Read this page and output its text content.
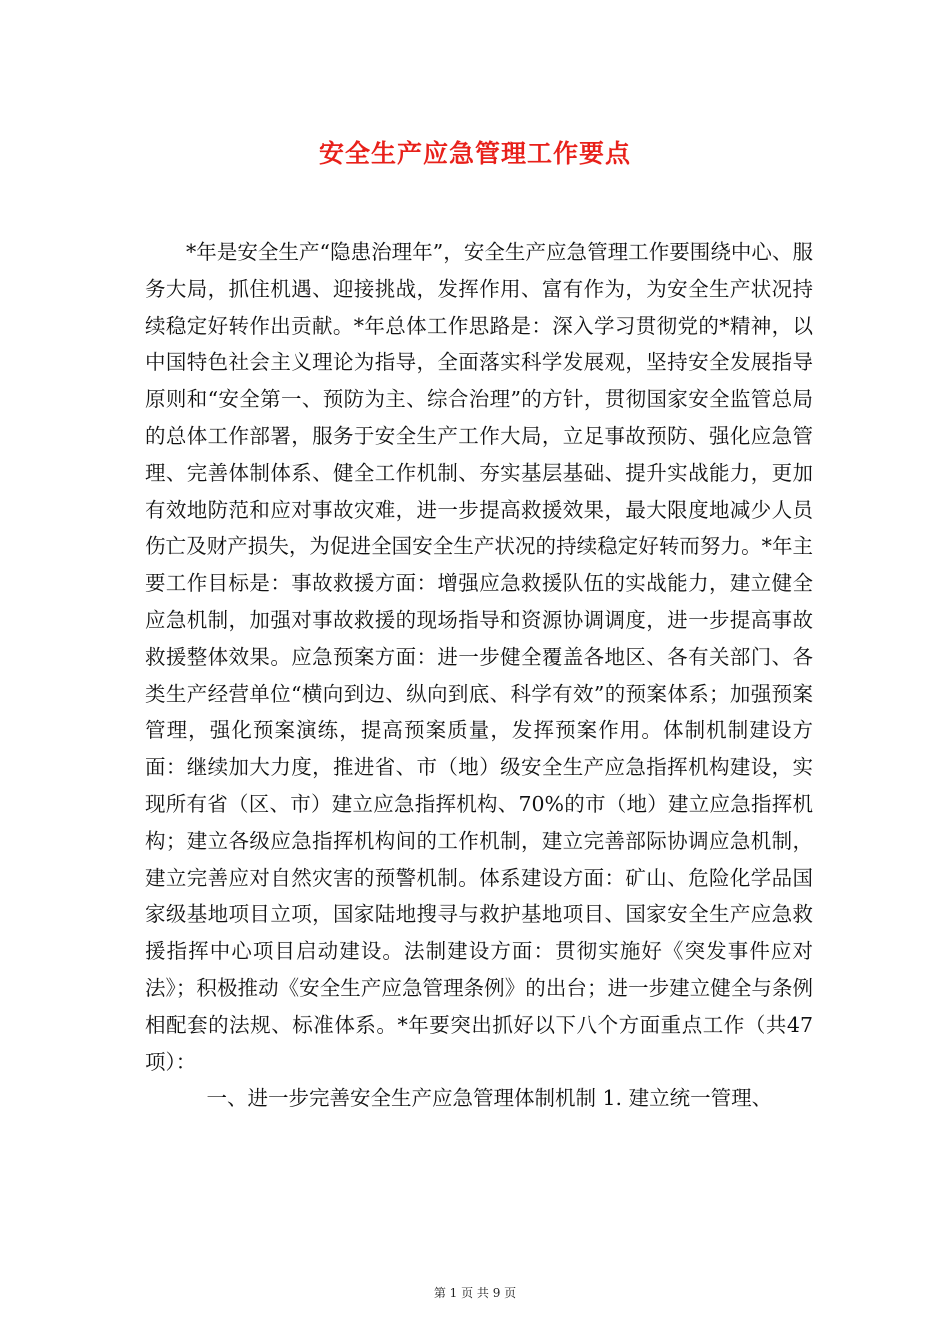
安全生产应急管理工作要点

*年是安全生产“隐患治理年”，安全生产应急管理工作要围绕中心、服务大局，抓住机遇、迎接挑战，发挥作用、富有作为，为安全生产状况持续稳定好转作出贡献。*年总体工作思路是：深入学习贯彻党的*精神，以中国特色社会主义理论为指导，全面落实科学发展观，坚持安全发展指导原则和“安全第一、预防为主、综合治理”的方针，贯彻国家安全监管总局的总体工作部署，服务于安全生产工作大局，立足事故预防、强化应急管理、完善体制体系、健全工作机制、夯实基层基础、提升实战能力，更加有效地防范和应对事故灾难，进一步提高救援效果，最大限度地减少人员伤亡及财产损失，为促进全国安全生产状况的持续稳定好转而努力。*年主要工作目标是：事故救援方面：增强应急救援队伍的实战能力，建立健全应急机制，加强对事故救援的现场指导和资源协调调度，进一步提高事故救援整体效果。应急预案方面：进一步健全覆盖各地区、各有关部门、各类生产经营单位“横向到边、纵向到底、科学有效”的预案体系；加强预案管理，强化预案演练，提高预案质量，发挥预案作用。体制机制建设方面：继续加大力度，推进省、市（地）级安全生产应急指挥机构建设，实现所有省（区、市）建立应急指挥机构、70%的市（地）建立应急指挥机构；建立各级应急指挥机构间的工作机制，建立完善部际协调应急机制，建立完善应对自然灾害的预警机制。体系建设方面：矿山、危险化学品国家级基地项目立项，国家陆地搜寻与救护基地项目、国家安全生产应急救援指挥中心项目启动建设。法制建设方面：贯彻实施好《突发事件应对法》；积极推动《安全生产应急管理条例》的出台；进一步建立健全与条例相配套的法规、标准体系。*年要突出抓好以下八个方面重点工作（共47项）：

一、进一步完善安全生产应急管理体制机制 1. 建立统一管理、

第 1 页 共 9 页
